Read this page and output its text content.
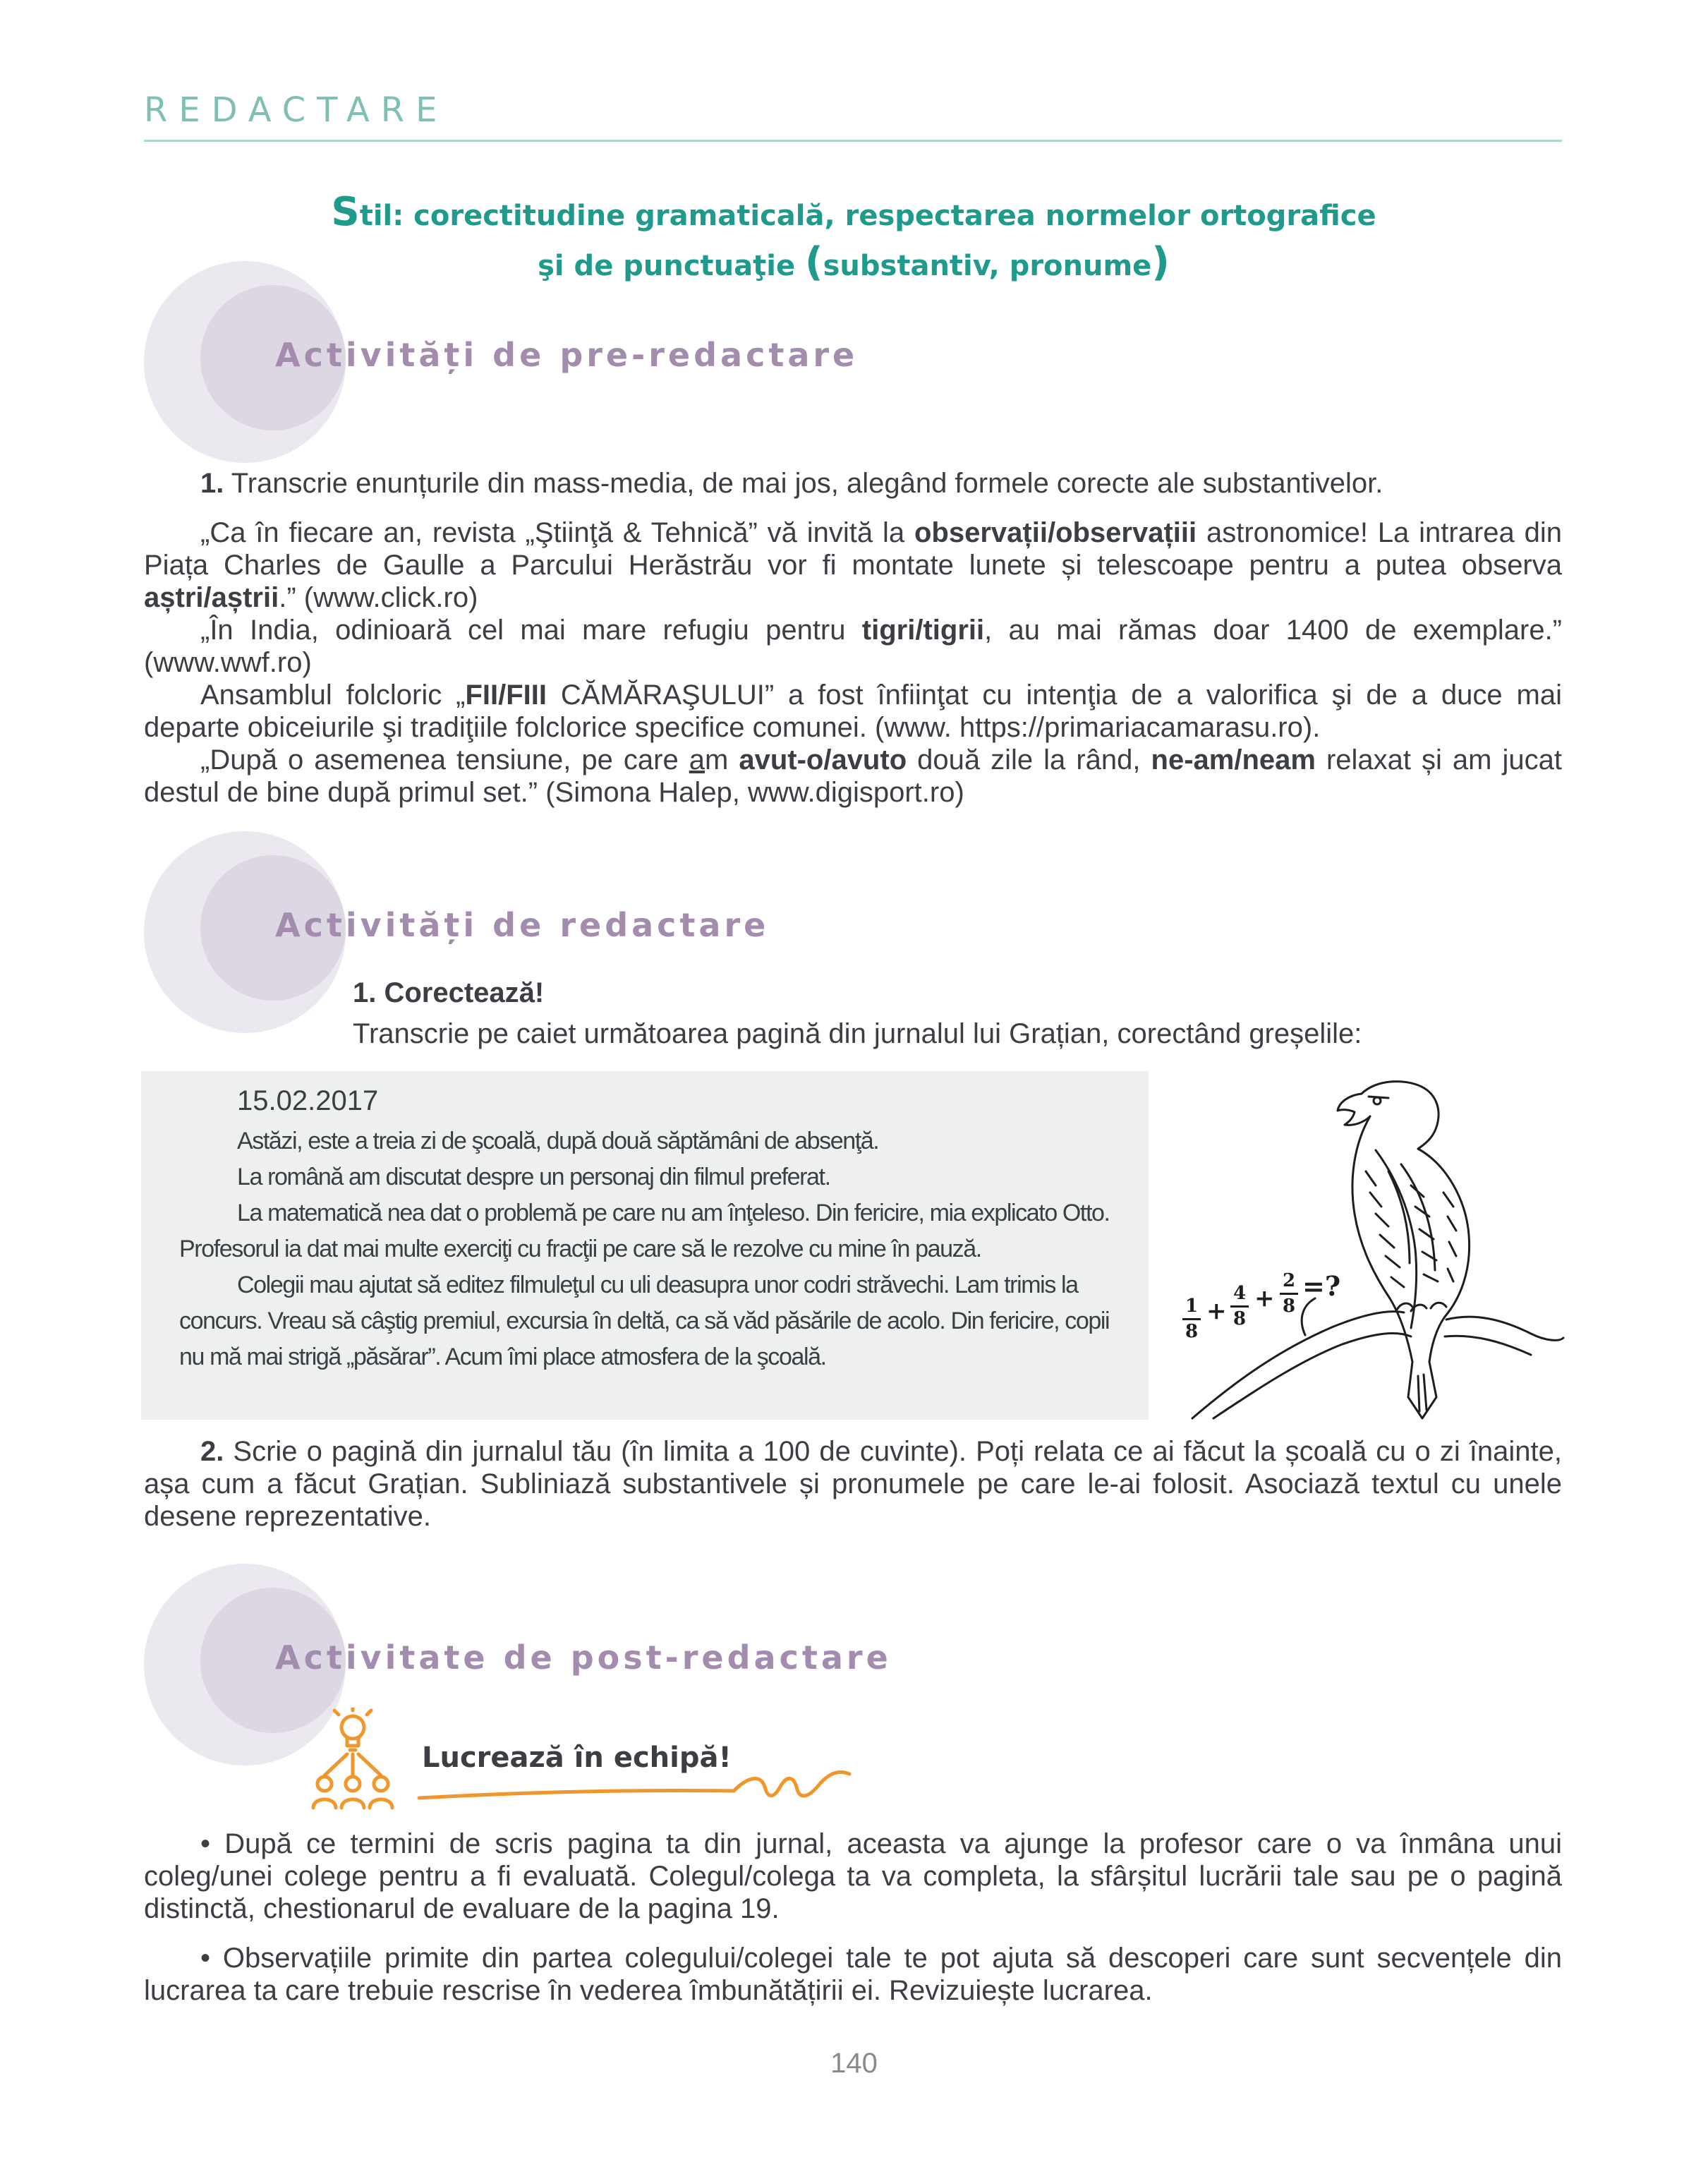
REDACTARE
Stil: corectitudine gramaticală, respectarea normelor ortografice
şi de punctuaţie (substantiv, pronume)
Activități de pre-redactare

1. Transcrie enunțurile din mass-media, de mai jos, alegând formele corecte ale substantivelor.

„Ca în fiecare an, revista „Ştiinţă & Tehnică” vă invită la observații/observațiii astronomice! La intrarea din Piața Charles de Gaulle a Parcului Herăstrău vor fi montate lunete și telescoape pentru a putea observa aștri/aștrii.” (www.click.ro)

„În India, odinioară cel mai mare refugiu pentru tigri/tigrii, au mai rămas doar 1400 de exemplare.” (www.wwf.ro)

Ansamblul folcloric „FII/FIII CĂMĂRAŞULUI” a fost înfiinţat cu intenţia de a valorifica şi de a duce mai departe obiceiurile şi tradiţiile folclorice specifice comunei. (www. https://primariacamarasu.ro).

„După o asemenea tensiune, pe care am avut-o/avuto două zile la rând, ne-am/neam relaxat și am jucat destul de bine după primul set.” (Simona Halep, www.digisport.ro)

Activități de redactare
1. Corectează!
Transcrie pe caiet următoarea pagină din jurnalul lui Grațian, corectând greșelile:
15.02.2017

Astăzi, este a treia zi de şcoală, după două săptămâni de absenţă.

La română am discutat despre un personaj din filmul preferat.

La matematică nea dat o problemă pe care nu am înţeleso. Din fericire, mia explicato Otto. Profesorul ia dat mai multe exerciţi cu fracţii pe care să le rezolve cu mine în pauză.

Colegii mau ajutat să editez filmuleţul cu uli deasupra unor codri străvechi. Lam trimis la concurs. Vreau să câştig premiul, excursia în deltă, ca să văd păsările de acolo. Din fericire, copii nu mă mai strigă „păsărar”. Acum îmi place atmosfera de la şcoală.

1
8
+
4
8
+
2
8
=?

2. Scrie o pagină din jurnalul tău (în limita a 100 de cuvinte). Poți relata ce ai făcut la școală cu o zi înainte, așa cum a făcut Grațian. Subliniază substantivele și pronumele pe care le-ai folosit. Asociază textul cu unele desene reprezentative.

Activitate de post-redactare
Lucrează în echipă!

• După ce termini de scris pagina ta din jurnal, aceasta va ajunge la profesor care o va înmâna unui coleg/unei colege pentru a fi evaluată. Colegul/colega ta va completa, la sfârșitul lucrării tale sau pe o pagină distinctă, chestionarul de evaluare de la pagina 19.

• Observațiile primite din partea colegului/colegei tale te pot ajuta să descoperi care sunt secvențele din lucrarea ta care trebuie rescrise în vederea îmbunătățirii ei. Revizuiește lucrarea.

140
